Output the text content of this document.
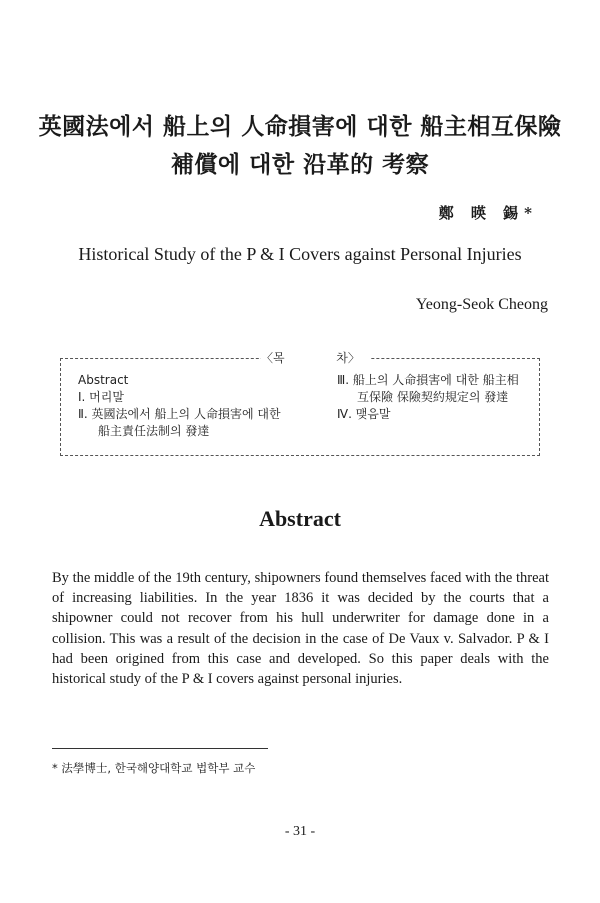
英國法에서 船上의 人命損害에 대한 船主相互保險
補償에 대한 沿革的 考察
鄭 暎 錫*
Historical Study of the P & I Covers against Personal Injuries
Yeong-Seok Cheong
〈목	차〉
Abstract
Ⅰ. 머리말
Ⅱ. 英國法에서 船上의 人命損害에 대한
船主責任法制의 發達
Ⅲ. 船上의 人命損害에 대한 船主相
互保險 保險契約規定의 發達
Ⅳ. 맺음말
Abstract
By the middle of the 19th century, shipowners found themselves faced with the threat of increasing liabilities. In the year 1836 it was decided by the courts that a shipowner could not recover from his hull underwriter for damage done in a collision. This was a result of the decision in the case of De Vaux v. Salvador. P & I had been origined from this case and developed. So this paper deals with the historical study of the P & I covers against personal injuries.
* 法學博士, 한국해양대학교 법학부 교수
- 31 -
